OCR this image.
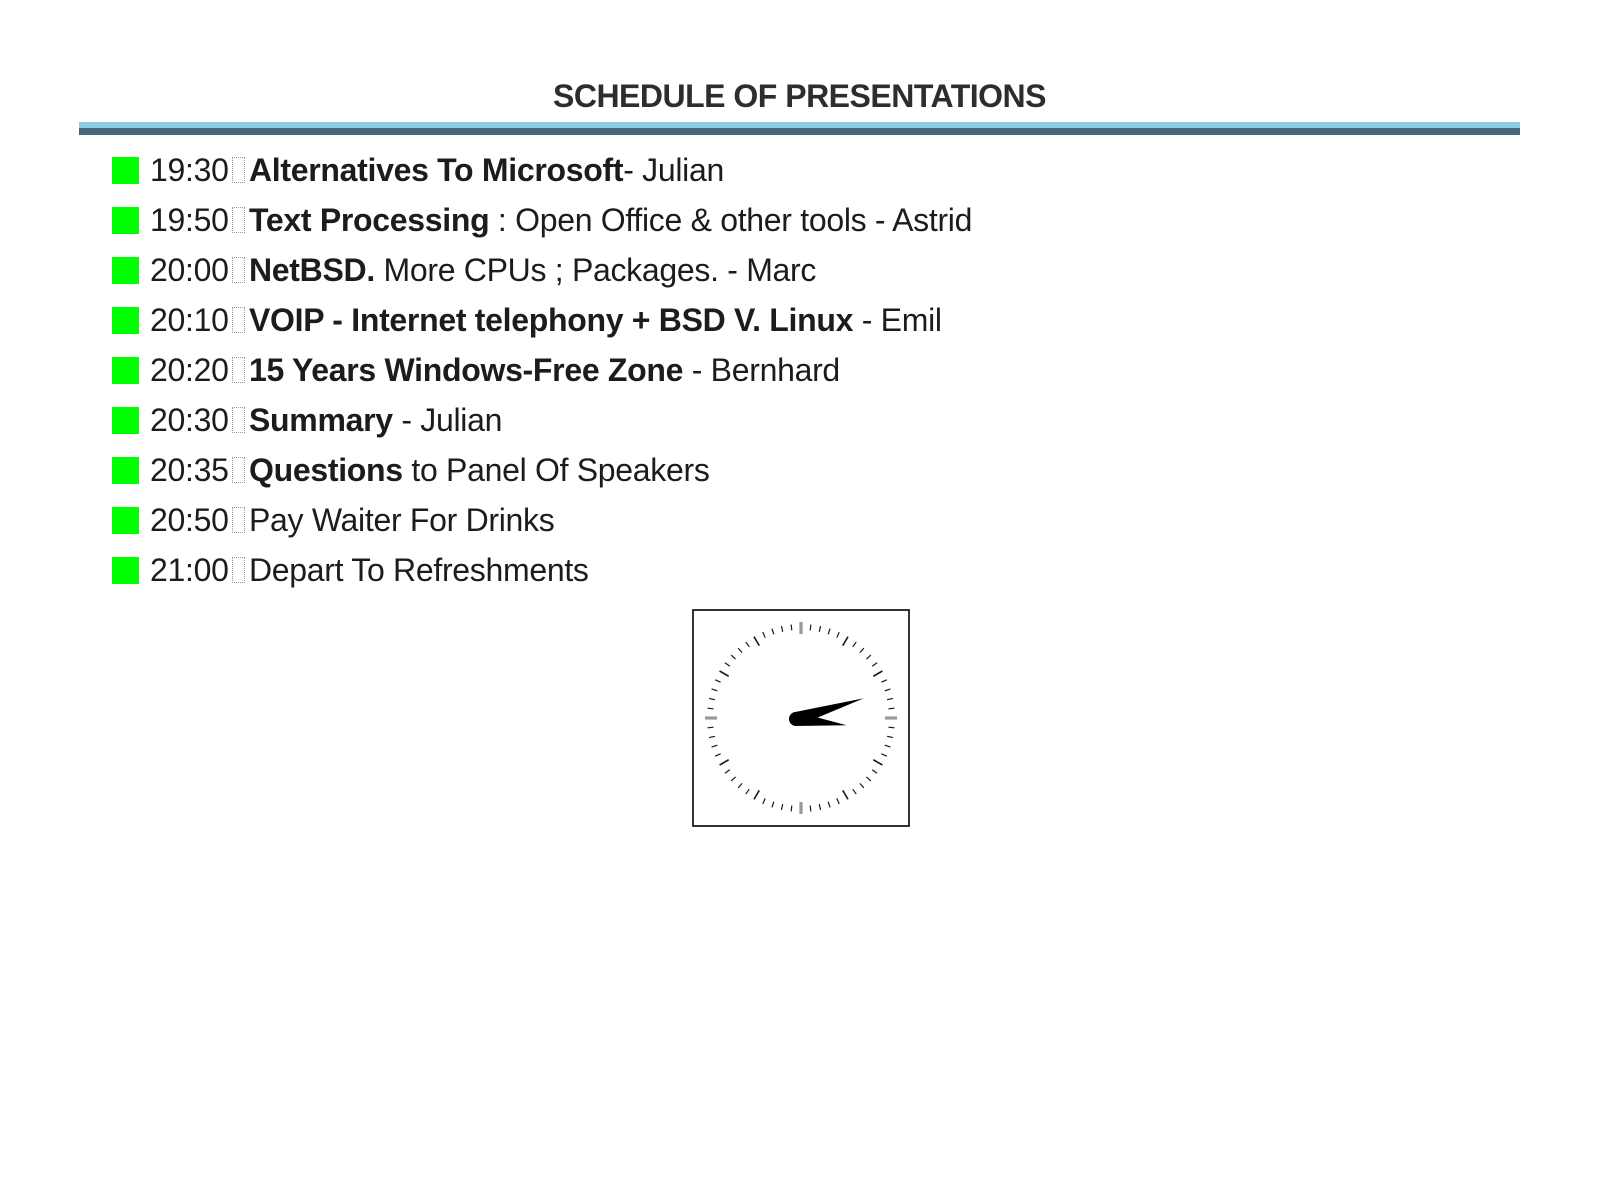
SCHEDULE OF PRESENTATIONS
19:30 Alternatives To Microsoft - Julian
19:50 Text Processing : Open Office & other tools - Astrid
20:00 NetBSD. More CPUs ; Packages. - Marc
20:10 VOIP - Internet telephony + BSD V. Linux - Emil
20:20 15 Years Windows-Free Zone - Bernhard
20:30 Summary - Julian
20:35 Questions to Panel Of Speakers
20:50 Pay Waiter For Drinks
21:00 Depart To Refreshments
